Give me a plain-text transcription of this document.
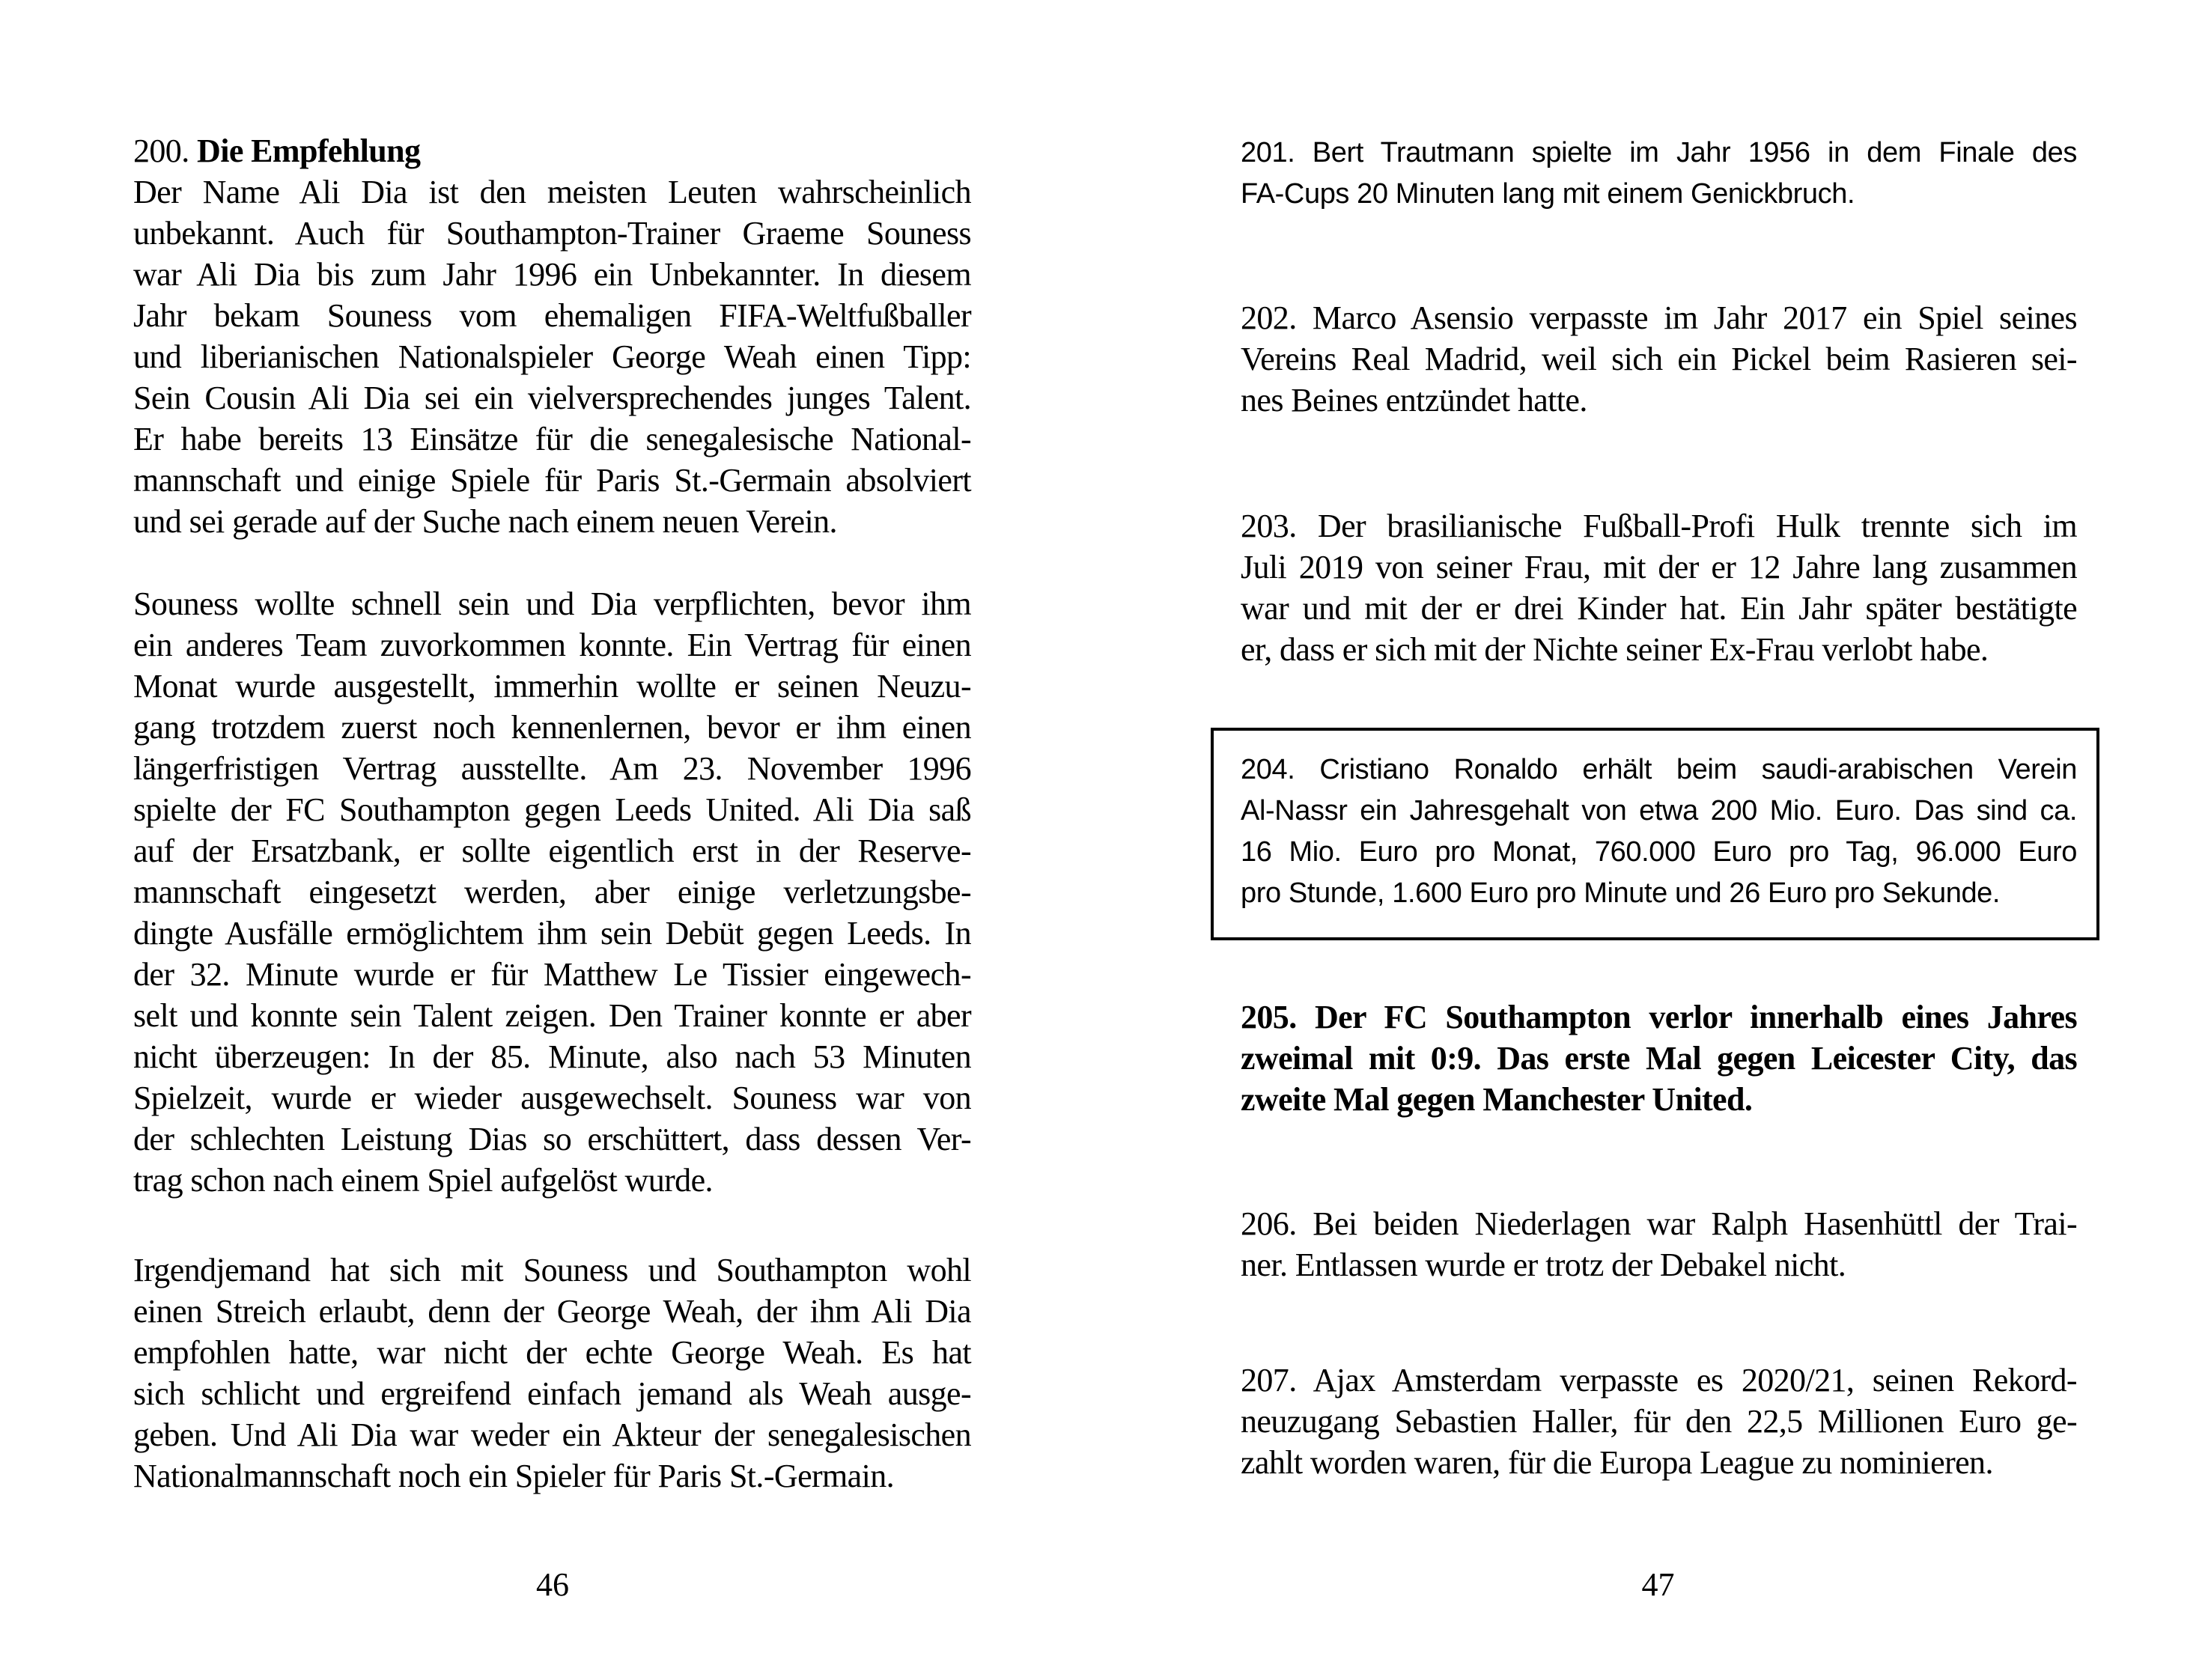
200. Die Empfehlung
Der Name Ali Dia ist den meisten Leuten wahrscheinlich
unbekannt. Auch für Southampton-Trainer Graeme Souness
war Ali Dia bis zum Jahr 1996 ein Unbekannter. In diesem
Jahr bekam Souness vom ehemaligen FIFA-Weltfußballer
und liberianischen Nationalspieler George Weah einen Tipp:
Sein Cousin Ali Dia sei ein vielversprechendes junges Talent.
Er habe bereits 13 Einsätze für die senegalesische National-
mannschaft und einige Spiele für Paris St.-Germain absolviert
und sei gerade auf der Suche nach einem neuen Verein.
Souness wollte schnell sein und Dia verpflichten, bevor ihm
ein anderes Team zuvorkommen konnte. Ein Vertrag für einen
Monat wurde ausgestellt, immerhin wollte er seinen Neuzu-
gang trotzdem zuerst noch kennenlernen, bevor er ihm einen
längerfristigen Vertrag ausstellte. Am 23. November 1996
spielte der FC Southampton gegen Leeds United. Ali Dia saß
auf der Ersatzbank, er sollte eigentlich erst in der Reserve-
mannschaft eingesetzt werden, aber einige verletzungsbe-
dingte Ausfälle ermöglichtem ihm sein Debüt gegen Leeds. In
der 32. Minute wurde er für Matthew Le Tissier eingewech-
selt und konnte sein Talent zeigen. Den Trainer konnte er aber
nicht überzeugen: In der 85. Minute, also nach 53 Minuten
Spielzeit, wurde er wieder ausgewechselt. Souness war von
der schlechten Leistung Dias so erschüttert, dass dessen Ver-
trag schon nach einem Spiel aufgelöst wurde.
Irgendjemand hat sich mit Souness und Southampton wohl
einen Streich erlaubt, denn der George Weah, der ihm Ali Dia
empfohlen hatte, war nicht der echte George Weah. Es hat
sich schlicht und ergreifend einfach jemand als Weah ausge-
geben. Und Ali Dia war weder ein Akteur der senegalesischen
Nationalmannschaft noch ein Spieler für Paris St.-Germain.
46
201. Bert Trautmann spielte im Jahr 1956 in dem Finale des
FA-Cups 20 Minuten lang mit einem Genickbruch.
202. Marco Asensio verpasste im Jahr 2017 ein Spiel seines
Vereins Real Madrid, weil sich ein Pickel beim Rasieren sei-
nes Beines entzündet hatte.
203. Der brasilianische Fußball-Profi Hulk trennte sich im
Juli 2019 von seiner Frau, mit der er 12 Jahre lang zusammen
war und mit der er drei Kinder hat. Ein Jahr später bestätigte
er, dass er sich mit der Nichte seiner Ex-Frau verlobt habe.
204. Cristiano Ronaldo erhält beim saudi-arabischen Verein
Al-Nassr ein Jahresgehalt von etwa 200 Mio. Euro. Das sind ca.
16 Mio. Euro pro Monat, 760.000 Euro pro Tag, 96.000 Euro
pro Stunde, 1.600 Euro pro Minute und 26 Euro pro Sekunde.
205. Der FC Southampton verlor innerhalb eines Jahres
zweimal mit 0:9. Das erste Mal gegen Leicester City, das
zweite Mal gegen Manchester United.
206. Bei beiden Niederlagen war Ralph Hasenhüttl der Trai-
ner. Entlassen wurde er trotz der Debakel nicht.
207. Ajax Amsterdam verpasste es 2020/21, seinen Rekord-
neuzugang Sebastien Haller, für den 22,5 Millionen Euro ge-
zahlt worden waren, für die Europa League zu nominieren.
47
